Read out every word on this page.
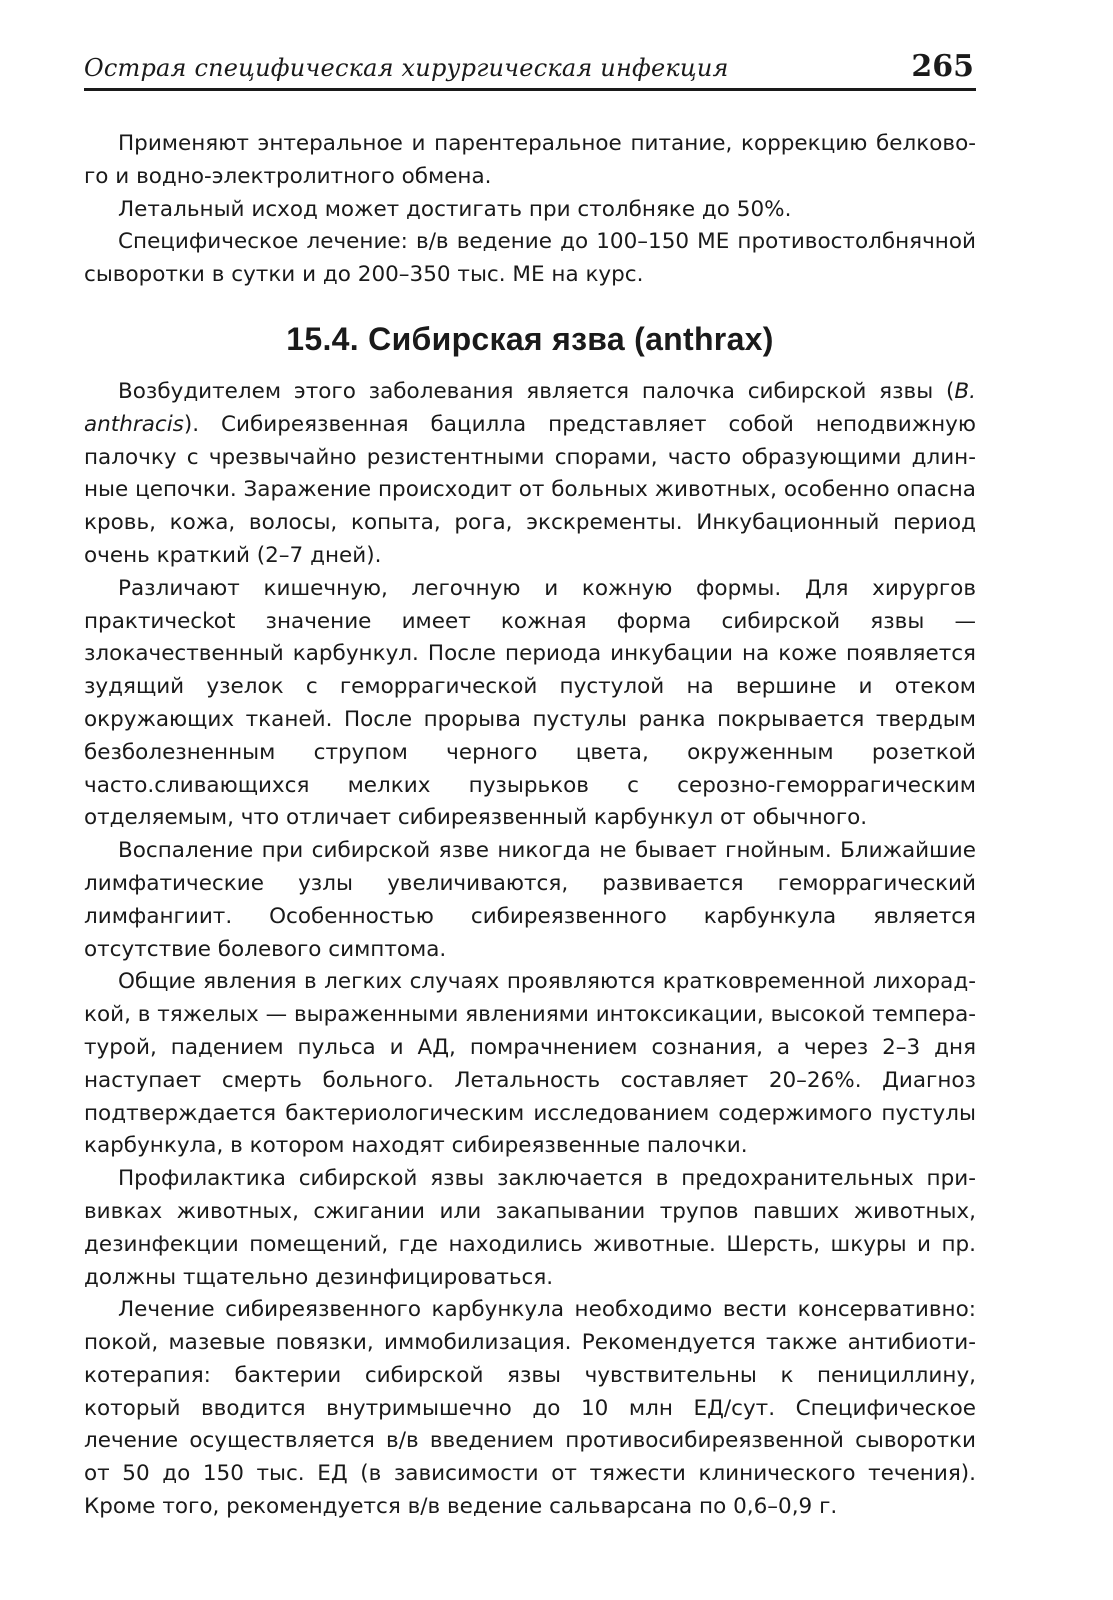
Острая специфическая хирургическая инфекция	265

Применяют энтеральное и парентеральное питание, коррекцию белкового и водно-электролитного обмена.

Летальный исход может достигать при столбняке до 50%.

Специфическое лечение: в/в ведение до 100–150 МЕ противостолбнячной сыворотки в сутки и до 200–350 тыс. МЕ на курс.

15.4. Сибирская язва (anthrax)

Возбудителем этого заболевания является палочка сибирской язвы (B. anthracis). Сибиреязвенная бацилла представляет собой неподвижную палочку с чрезвычайно резистентными спорами, часто образующими длинные цепочки. Заражение происходит от больных животных, особенно опасна кровь, кожа, волосы, копыта, рога, экскременты. Инкубационный период очень краткий (2–7 дней).

Различают кишечную, легочную и кожную формы. Для хирургов практичесkot значение имеет кожная форма сибирской язвы — злокачественный карбункул. После периода инкубации на коже появляется зудящий узелок с геморрагической пустулой на вершине и отеком окружающих тканей. После прорыва пустулы ранка покрывается твердым безболезненным струпом черного цвета, окруженным розеткой часто.сливающихся мелких пузырьков с серозно-геморрагическим отделяемым, что отличает сибиреязвенный карбункул от обычного.

Воспаление при сибирской язве никогда не бывает гнойным. Ближайшие лимфатические узлы увеличиваются, развивается геморрагический лимфангиит. Особенностью сибиреязвенного карбункула является отсутствие болевого симптома.

Общие явления в легких случаях проявляются кратковременной лихорадкой, в тяжелых — выраженными явлениями интоксикации, высокой температурой, падением пульса и АД, помрачнением сознания, а через 2–3 дня наступает смерть больного. Летальность составляет 20–26%. Диагноз подтверждается бактериологическим исследованием содержимого пустулы карбункула, в котором находят сибиреязвенные палочки.

Профилактика сибирской язвы заключается в предохранительных прививках животных, сжигании или закапывании трупов павших животных, дезинфекции помещений, где находились животные. Шерсть, шкуры и пр. должны тщательно дезинфицироваться.

Лечение сибиреязвенного карбункула необходимо вести консервативно: покой, мазевые повязки, иммобилизация. Рекомендуется также антибиотикотерапия: бактерии сибирской язвы чувствительны к пенициллину, который вводится внутримышечно до 10 млн ЕД/сут. Специфическое лечение осуществляется в/в введением противосибиреязвенной сыворотки от 50 до 150 тыс. ЕД (в зависимости от тяжести клинического течения). Кроме того, рекомендуется в/в ведение сальварсана по 0,6–0,9 г.
